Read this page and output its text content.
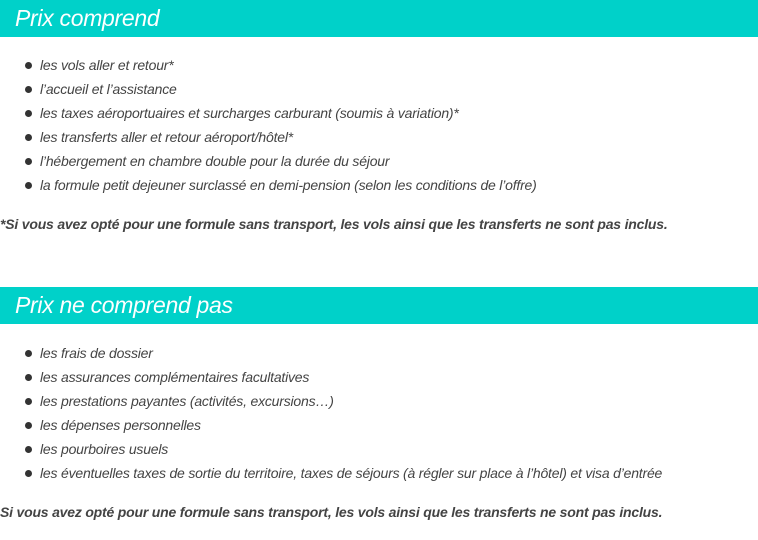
Prix comprend
les vols aller et retour*
l’accueil et l’assistance
les taxes aéroportuaires et surcharges carburant (soumis à variation)*
les transferts aller et retour aéroport/hôtel*
l’hébergement en chambre double pour la durée du séjour
la formule petit dejeuner surclassé en demi-pension (selon les conditions de l’offre)
*Si vous avez opté pour une formule sans transport, les vols ainsi que les transferts ne sont pas inclus.
Prix ne comprend pas
les frais de dossier
les assurances complémentaires facultatives
les prestations payantes (activités, excursions…)
les dépenses personnelles
les pourboires usuels
les éventuelles taxes de sortie du territoire, taxes de séjours (à régler sur place à l’hôtel) et visa d’entrée
Si vous avez opté pour une formule sans transport, les vols ainsi que les transferts ne sont pas inclus.
